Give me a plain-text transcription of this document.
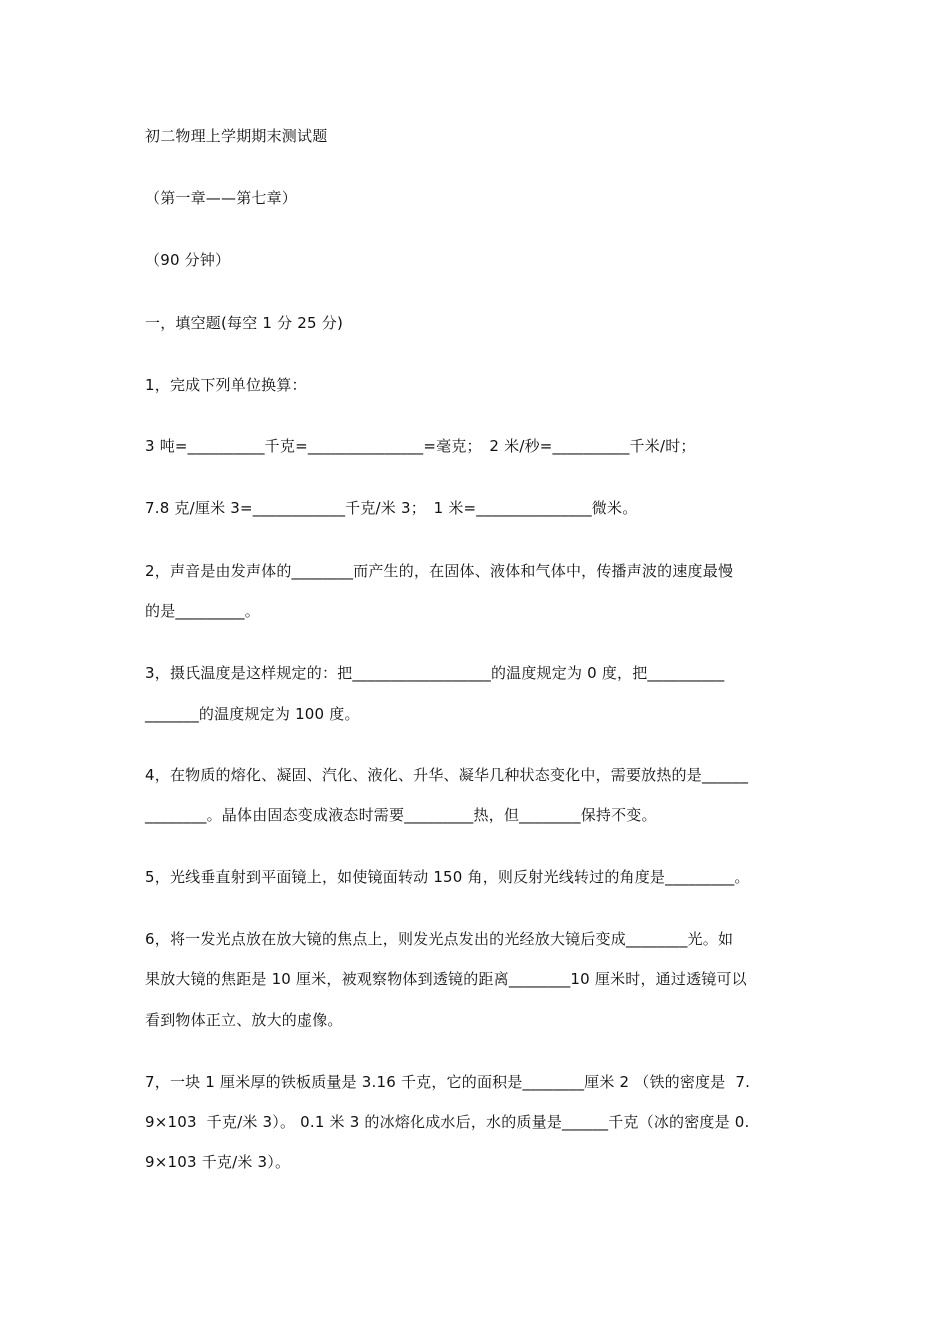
初二物理上学期期末测试题
（第一章——第七章）
（90 分钟）
一，填空题(每空 1 分 25 分)
1，完成下列单位换算：
3 吨=__________千克=_______________=毫克；　2 米/秒=__________千米/时；
7.8 克/厘米 3=____________千克/米 3；　1 米=_______________微米。
2，声音是由发声体的________而产生的，在固体、液体和气体中，传播声波的速度最慢
的是_________。
3，摄氏温度是这样规定的：把__________________的温度规定为 0 度，把__________
_______的温度规定为 100 度。
4，在物质的熔化、凝固、汽化、液化、升华、凝华几种状态变化中，需要放热的是______
________。晶体由固态变成液态时需要_________热，但________保持不变。
5，光线垂直射到平面镜上，如使镜面转动 150 角，则反射光线转过的角度是_________。
6，将一发光点放在放大镜的焦点上，则发光点发出的光经放大镜后变成________光。如
果放大镜的焦距是 10 厘米，被观察物体到透镜的距离________10 厘米时，通过透镜可以
看到物体正立、放大的虚像。
7，一块 1 厘米厚的铁板质量是 3.16 千克，它的面积是________厘米 2 （铁的密度是  7.
9×103  千克/米 3）。 0.1 米 3 的冰熔化成水后，水的质量是______千克（冰的密度是 0.
9×103 千克/米 3）。
